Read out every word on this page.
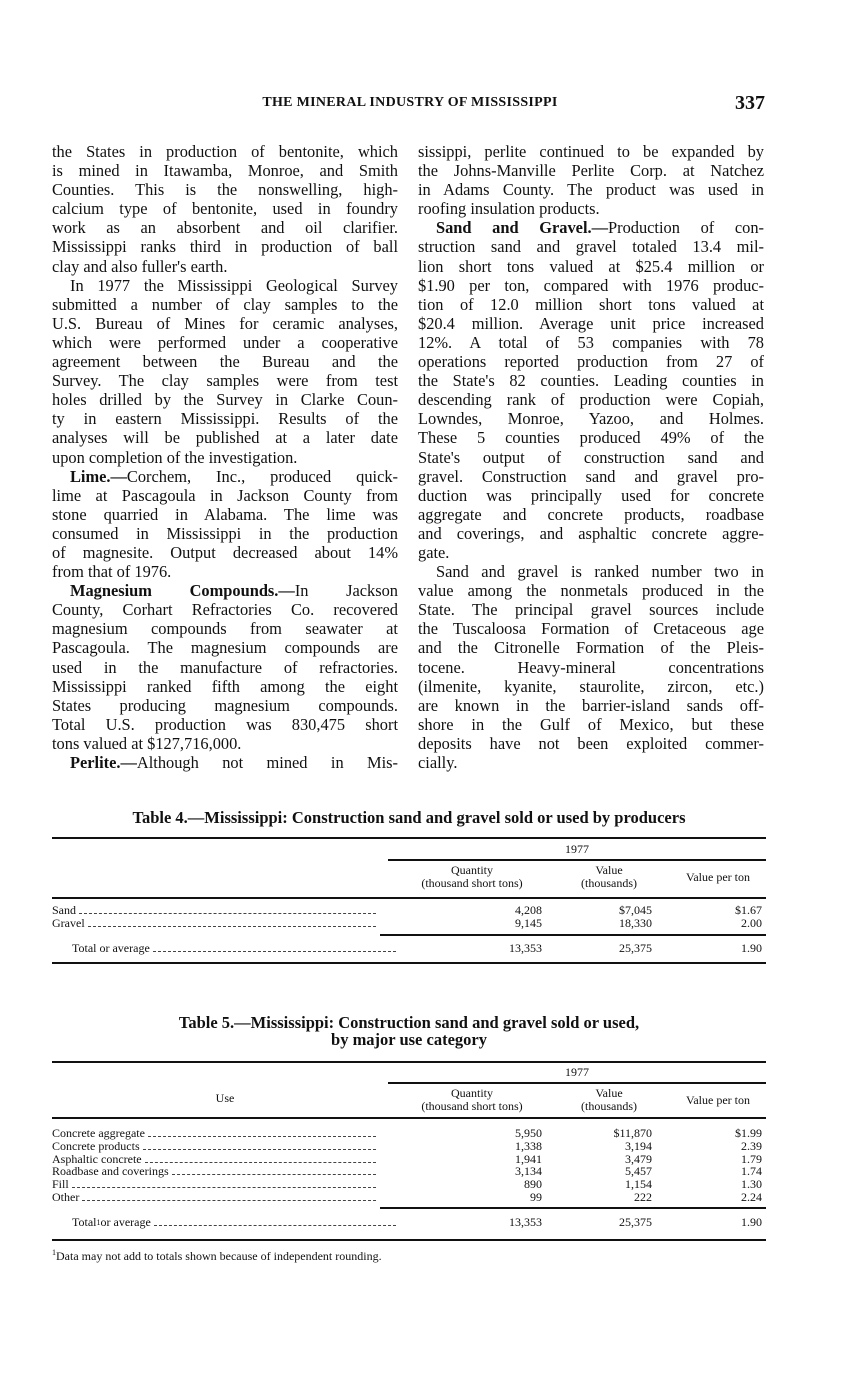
THE MINERAL INDUSTRY OF MISSISSIPPI	337
the States in production of bentonite, which
is mined in Itawamba, Monroe, and Smith
Counties. This is the nonswelling, high-
calcium type of bentonite, used in foundry
work as an absorbent and oil clarifier.
Mississippi ranks third in production of ball
clay and also fuller's earth.
In 1977 the Mississippi Geological Survey
submitted a number of clay samples to the
U.S. Bureau of Mines for ceramic analyses,
which were performed under a cooperative
agreement between the Bureau and the
Survey. The clay samples were from test
holes drilled by the Survey in Clarke Coun-
ty in eastern Mississippi. Results of the
analyses will be published at a later date
upon completion of the investigation.
Lime.—Corchem, Inc., produced quick-
lime at Pascagoula in Jackson County from
stone quarried in Alabama. The lime was
consumed in Mississippi in the production
of magnesite. Output decreased about 14%
from that of 1976.
Magnesium Compounds.—In Jackson
County, Corhart Refractories Co. recovered
magnesium compounds from seawater at
Pascagoula. The magnesium compounds are
used in the manufacture of refractories.
Mississippi ranked fifth among the eight
States producing magnesium compounds.
Total U.S. production was 830,475 short
tons valued at $127,716,000.
Perlite.—Although not mined in Mis-
sissippi, perlite continued to be expanded by
the Johns-Manville Perlite Corp. at Natchez
in Adams County. The product was used in
roofing insulation products.
Sand and Gravel.—Production of con-
struction sand and gravel totaled 13.4 mil-
lion short tons valued at $25.4 million or
$1.90 per ton, compared with 1976 produc-
tion of 12.0 million short tons valued at
$20.4 million. Average unit price increased
12%. A total of 53 companies with 78
operations reported production from 27 of
the State's 82 counties. Leading counties in
descending rank of production were Copiah,
Lowndes, Monroe, Yazoo, and Holmes.
These 5 counties produced 49% of the
State's output of construction sand and
gravel. Construction sand and gravel pro-
duction was principally used for concrete
aggregate and concrete products, roadbase
and coverings, and asphaltic concrete aggre-
gate.
Sand and gravel is ranked number two in
value among the nonmetals produced in the
State. The principal gravel sources include
the Tuscaloosa Formation of Cretaceous age
and the Citronelle Formation of the Pleis-
tocene. Heavy-mineral concentrations
(ilmenite, kyanite, staurolite, zircon, etc.)
are known in the barrier-island sands off-
shore in the Gulf of Mexico, but these
deposits have not been exploited commer-
cially.
Table 4.—Mississippi: Construction sand and gravel sold or used by producers
1977
Quantity
(thousand short tons)
Value
(thousands)	Value per ton
Sand	4,208	$7,045	$1.67
Gravel	9,145	18,330	2.00
Total or average	13,353	25,375	1.90
Table 5.—Mississippi: Construction sand and gravel sold or used,
by major use category
1977
Use	Quantity
(thousand short tons)
Value
(thousands)	Value per ton
Concrete aggregate	5,950	$11,870	$1.99
Concrete products	1,338	3,194	2.39
Asphaltic concrete	1,941	3,479	1.79
Roadbase and coverings	3,134	5,457	1.74
Fill	890	1,154	1.30
Other	99	222	2.24
Total 1 or average	13,353	25,375	1.90
$^1$Data may not add to totals shown because of independent rounding.
